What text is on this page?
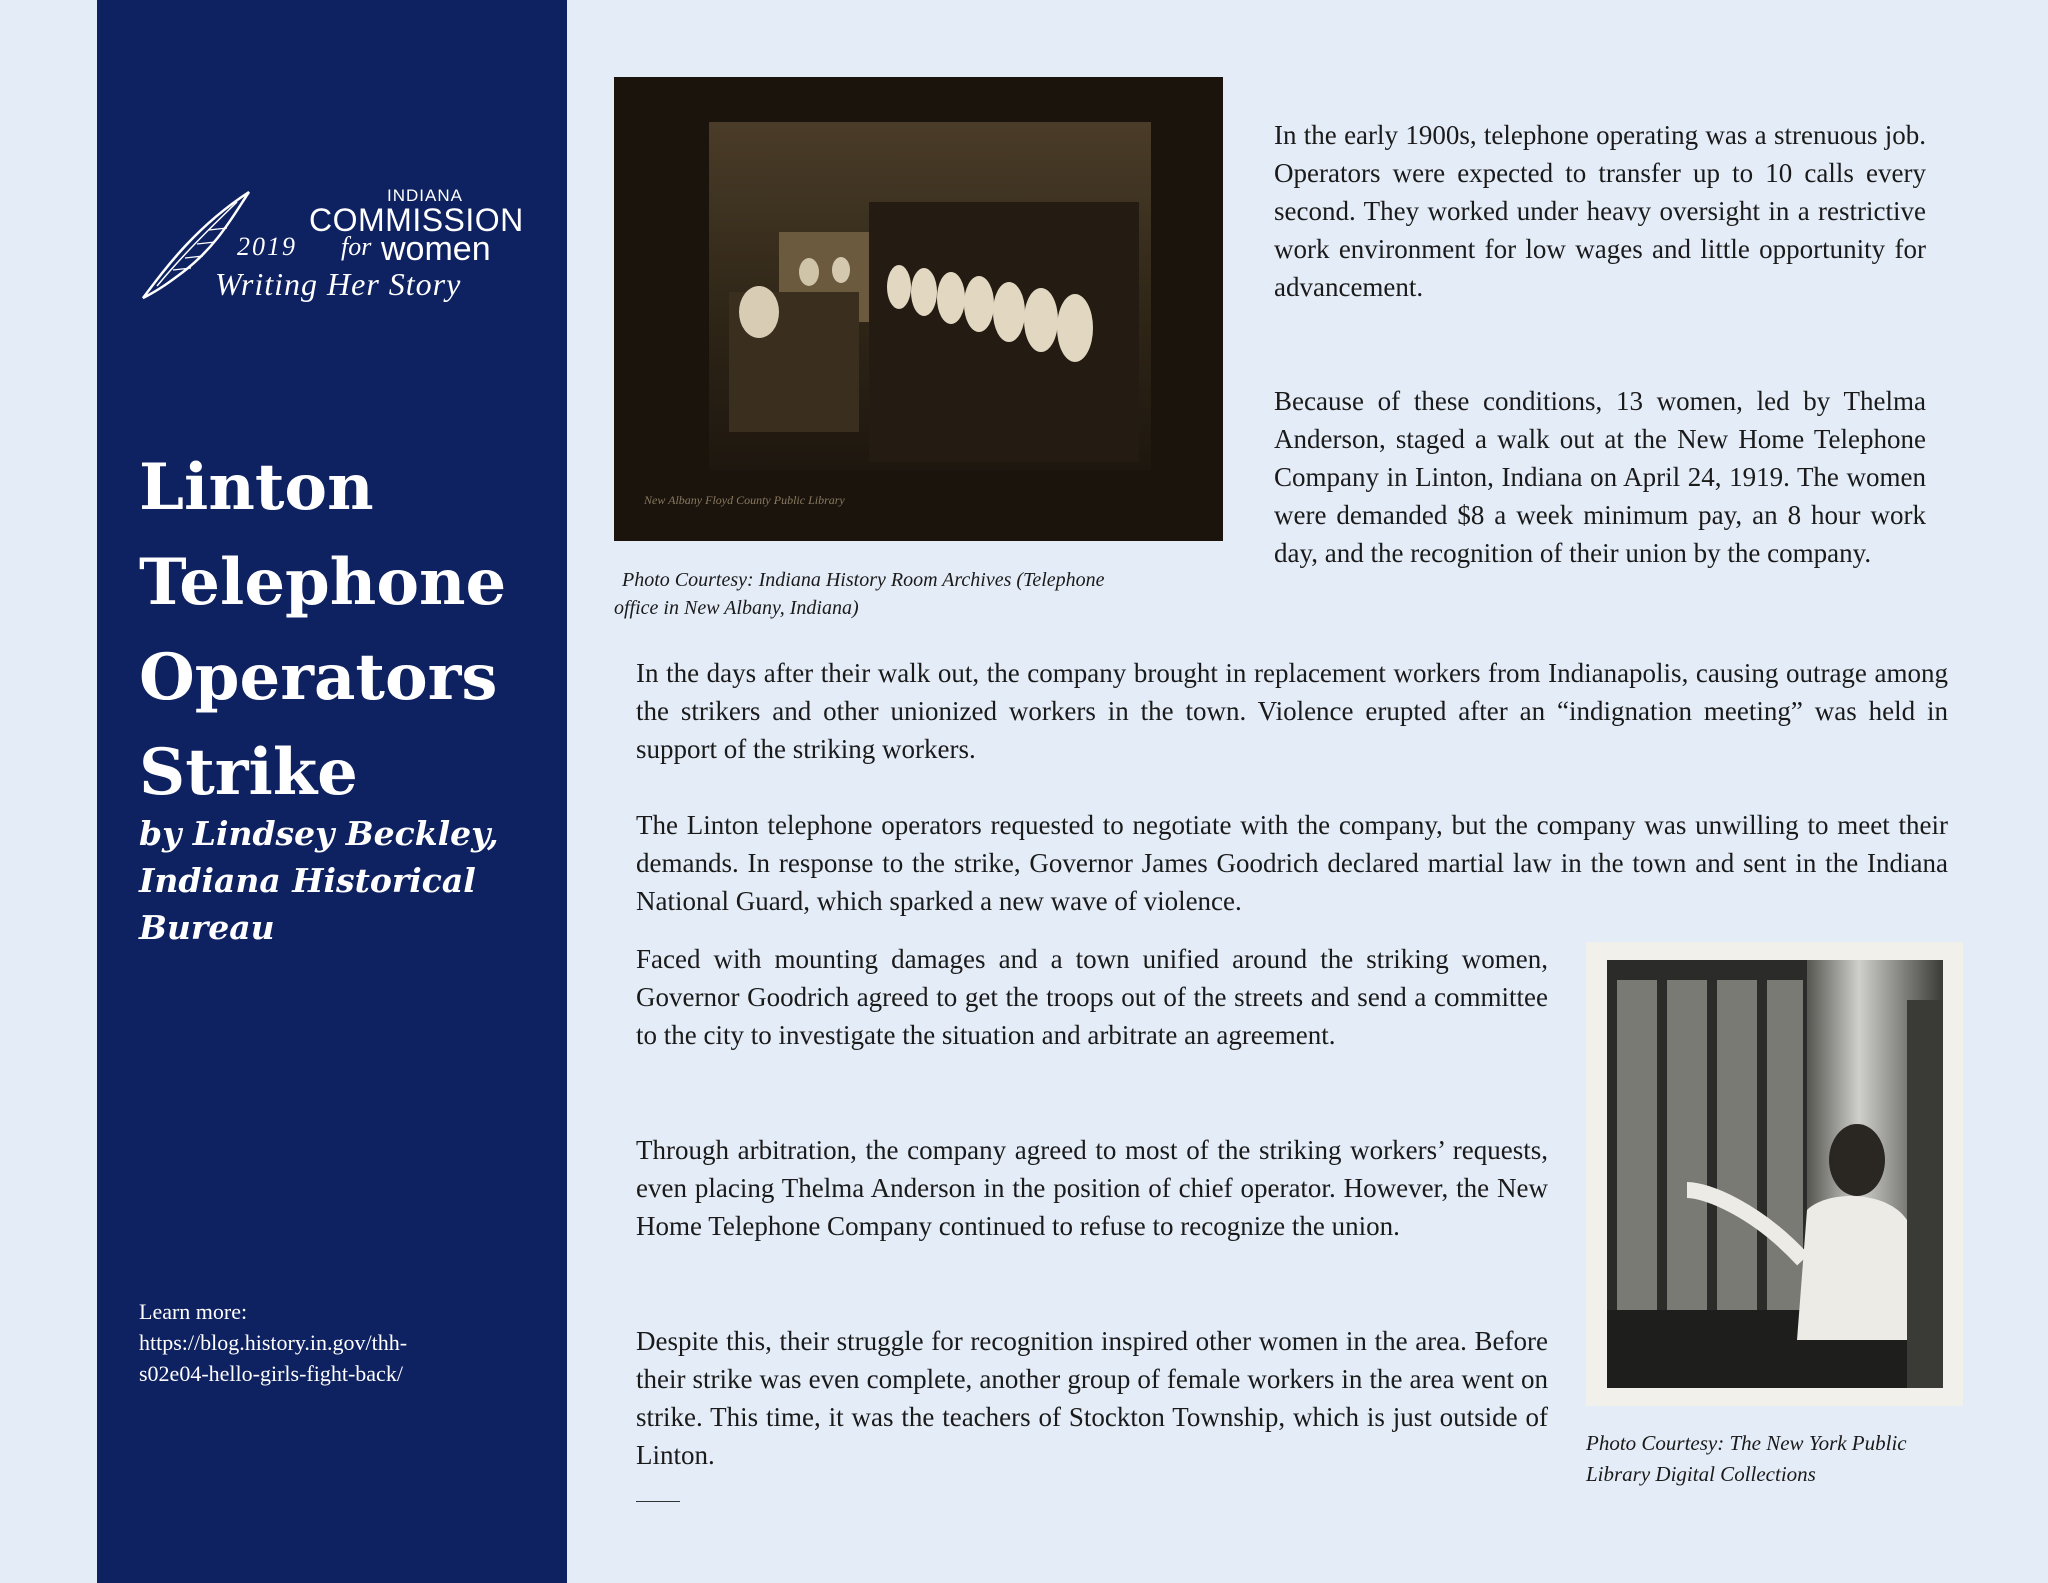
INDIANA
COMMISSION
for women
2019
Writing Her Story
Linton
Telephone
Operators
Strike
by Lindsey Beckley,
Indiana Historical
Bureau
Learn more:
https://blog.history.in.gov/thh-
s02e04-hello-girls-fight-back/
New Albany Floyd County Public Library
Photo Courtesy: Indiana History Room Archives (Telephone
office in New Albany, Indiana)

In the early 1900s, telephone operating was a strenuous job. Operators were expected to transfer up to 10 calls every second. They worked under heavy oversight in a restrictive work environment for low wages and little opportunity for advancement.

Because of these conditions, 13 women, led by Thelma Anderson, staged a walk out at the New Home Telephone Company in Linton, Indiana on April 24, 1919. The women were demanded $8 a week minimum pay, an 8 hour work day, and the recognition of their union by the company.

In the days after their walk out, the company brought in replacement workers from Indianapolis, causing outrage among the strikers and other unionized workers in the town. Violence erupted after an “indignation meeting” was held in support of the striking workers.

The Linton telephone operators requested to negotiate with the company, but the company was unwilling to meet their demands. In response to the strike, Governor James Goodrich declared martial law in the town and sent in the Indiana National Guard, which sparked a new wave of violence.

Faced with mounting damages and a town unified around the striking women, Governor Goodrich agreed to get the troops out of the streets and send a committee to the city to investigate the situation and arbitrate an agreement.

Through arbitration, the company agreed to most of the striking workers’ requests, even placing Thelma Anderson in the position of chief operator. However, the New Home Telephone Company continued to refuse to recognize the union.

Despite this, their struggle for recognition inspired other women in the area. Before their strike was even complete, another group of female workers in the area went on strike. This time, it was the teachers of Stockton Township, which is just outside of Linton.	Photo Courtesy: The New York Public
Library Digital Collections
